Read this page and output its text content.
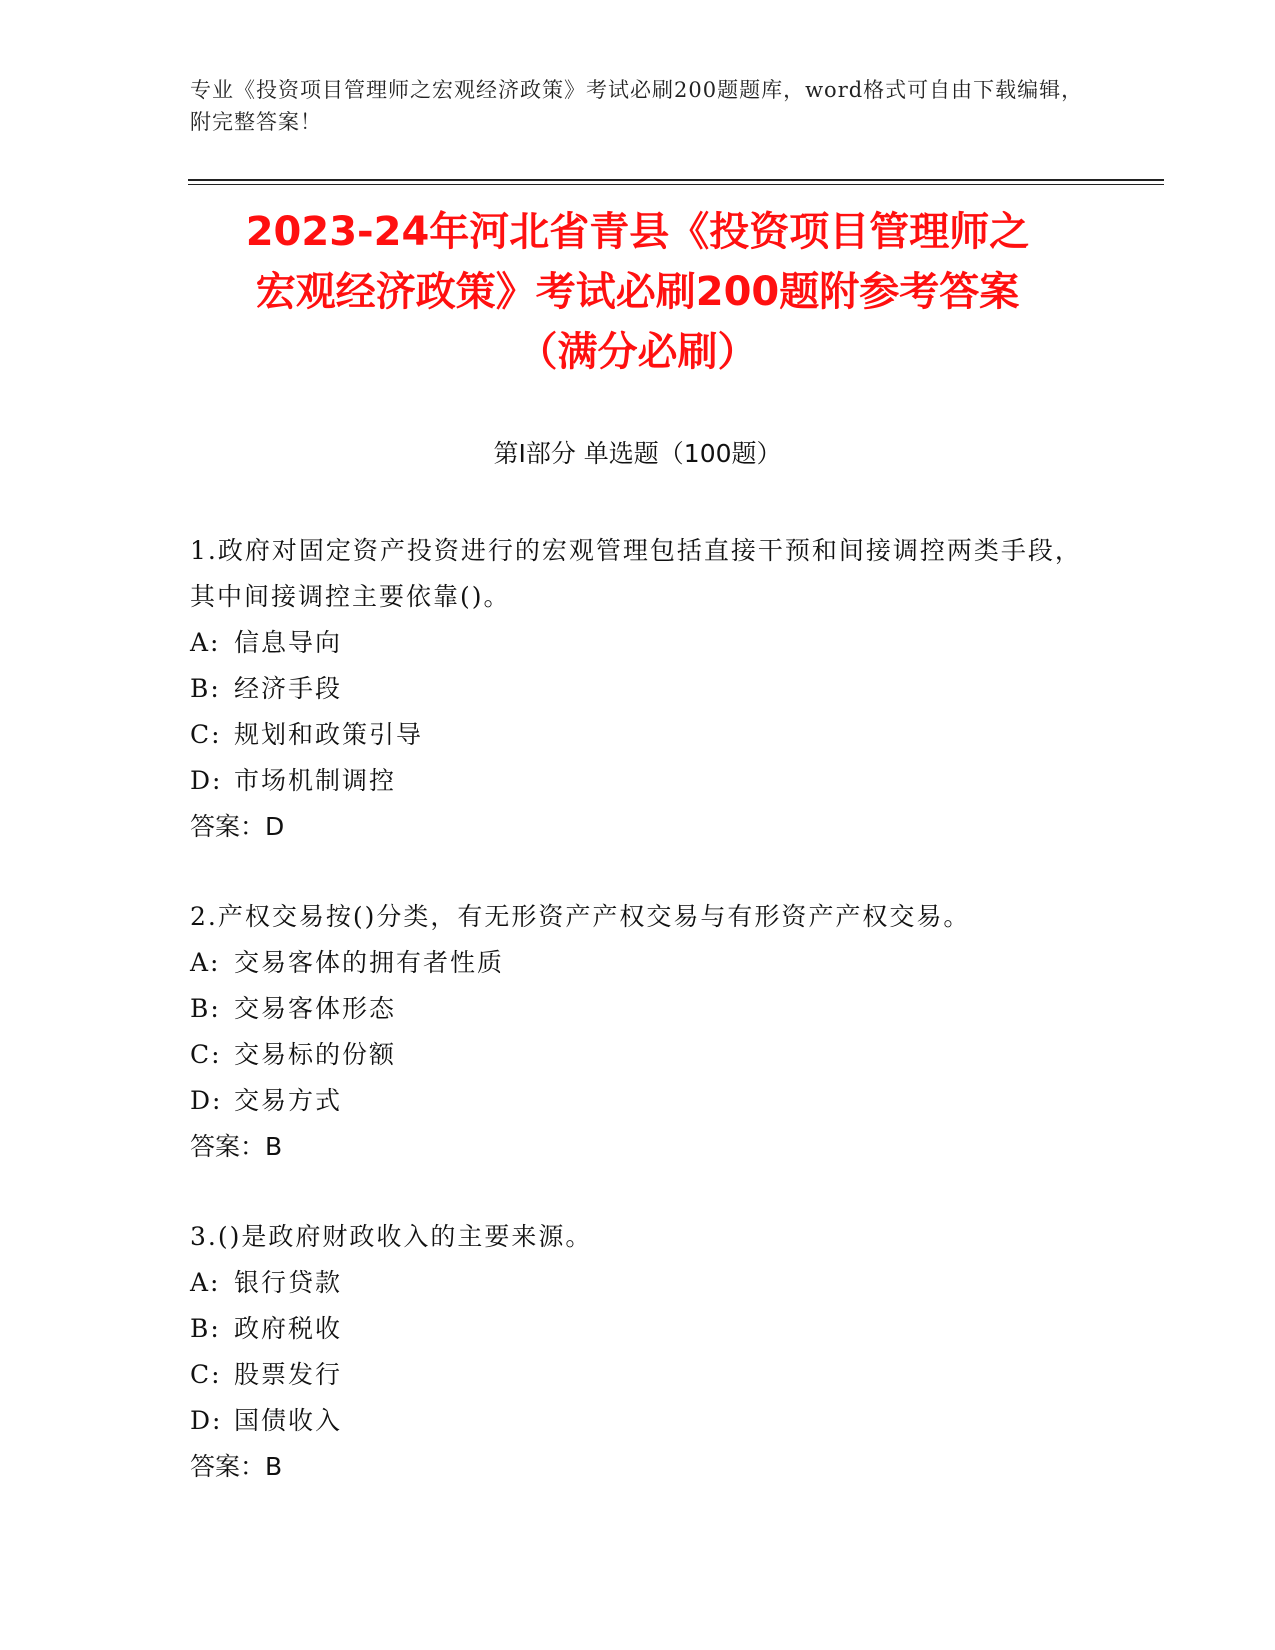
专业《投资项目管理师之宏观经济政策》考试必刷200题题库，word格式可自由下载编辑，附完整答案！
2023-24年河北省青县《投资项目管理师之
宏观经济政策》考试必刷200题附参考答案
（满分必刷）
第Ⅰ部分 单选题（100题）

1.政府对固定资产投资进行的宏观管理包括直接干预和间接调控两类手段，其中间接调控主要依靠()。

A: 信息导向

B: 经济手段

C: 规划和政策引导

D: 市场机制调控

答案：D

2.产权交易按()分类，有无形资产产权交易与有形资产产权交易。

A: 交易客体的拥有者性质

B: 交易客体形态

C: 交易标的份额

D: 交易方式

答案：B

3.()是政府财政收入的主要来源。

A: 银行贷款

B: 政府税收

C: 股票发行

D: 国债收入

答案：B
